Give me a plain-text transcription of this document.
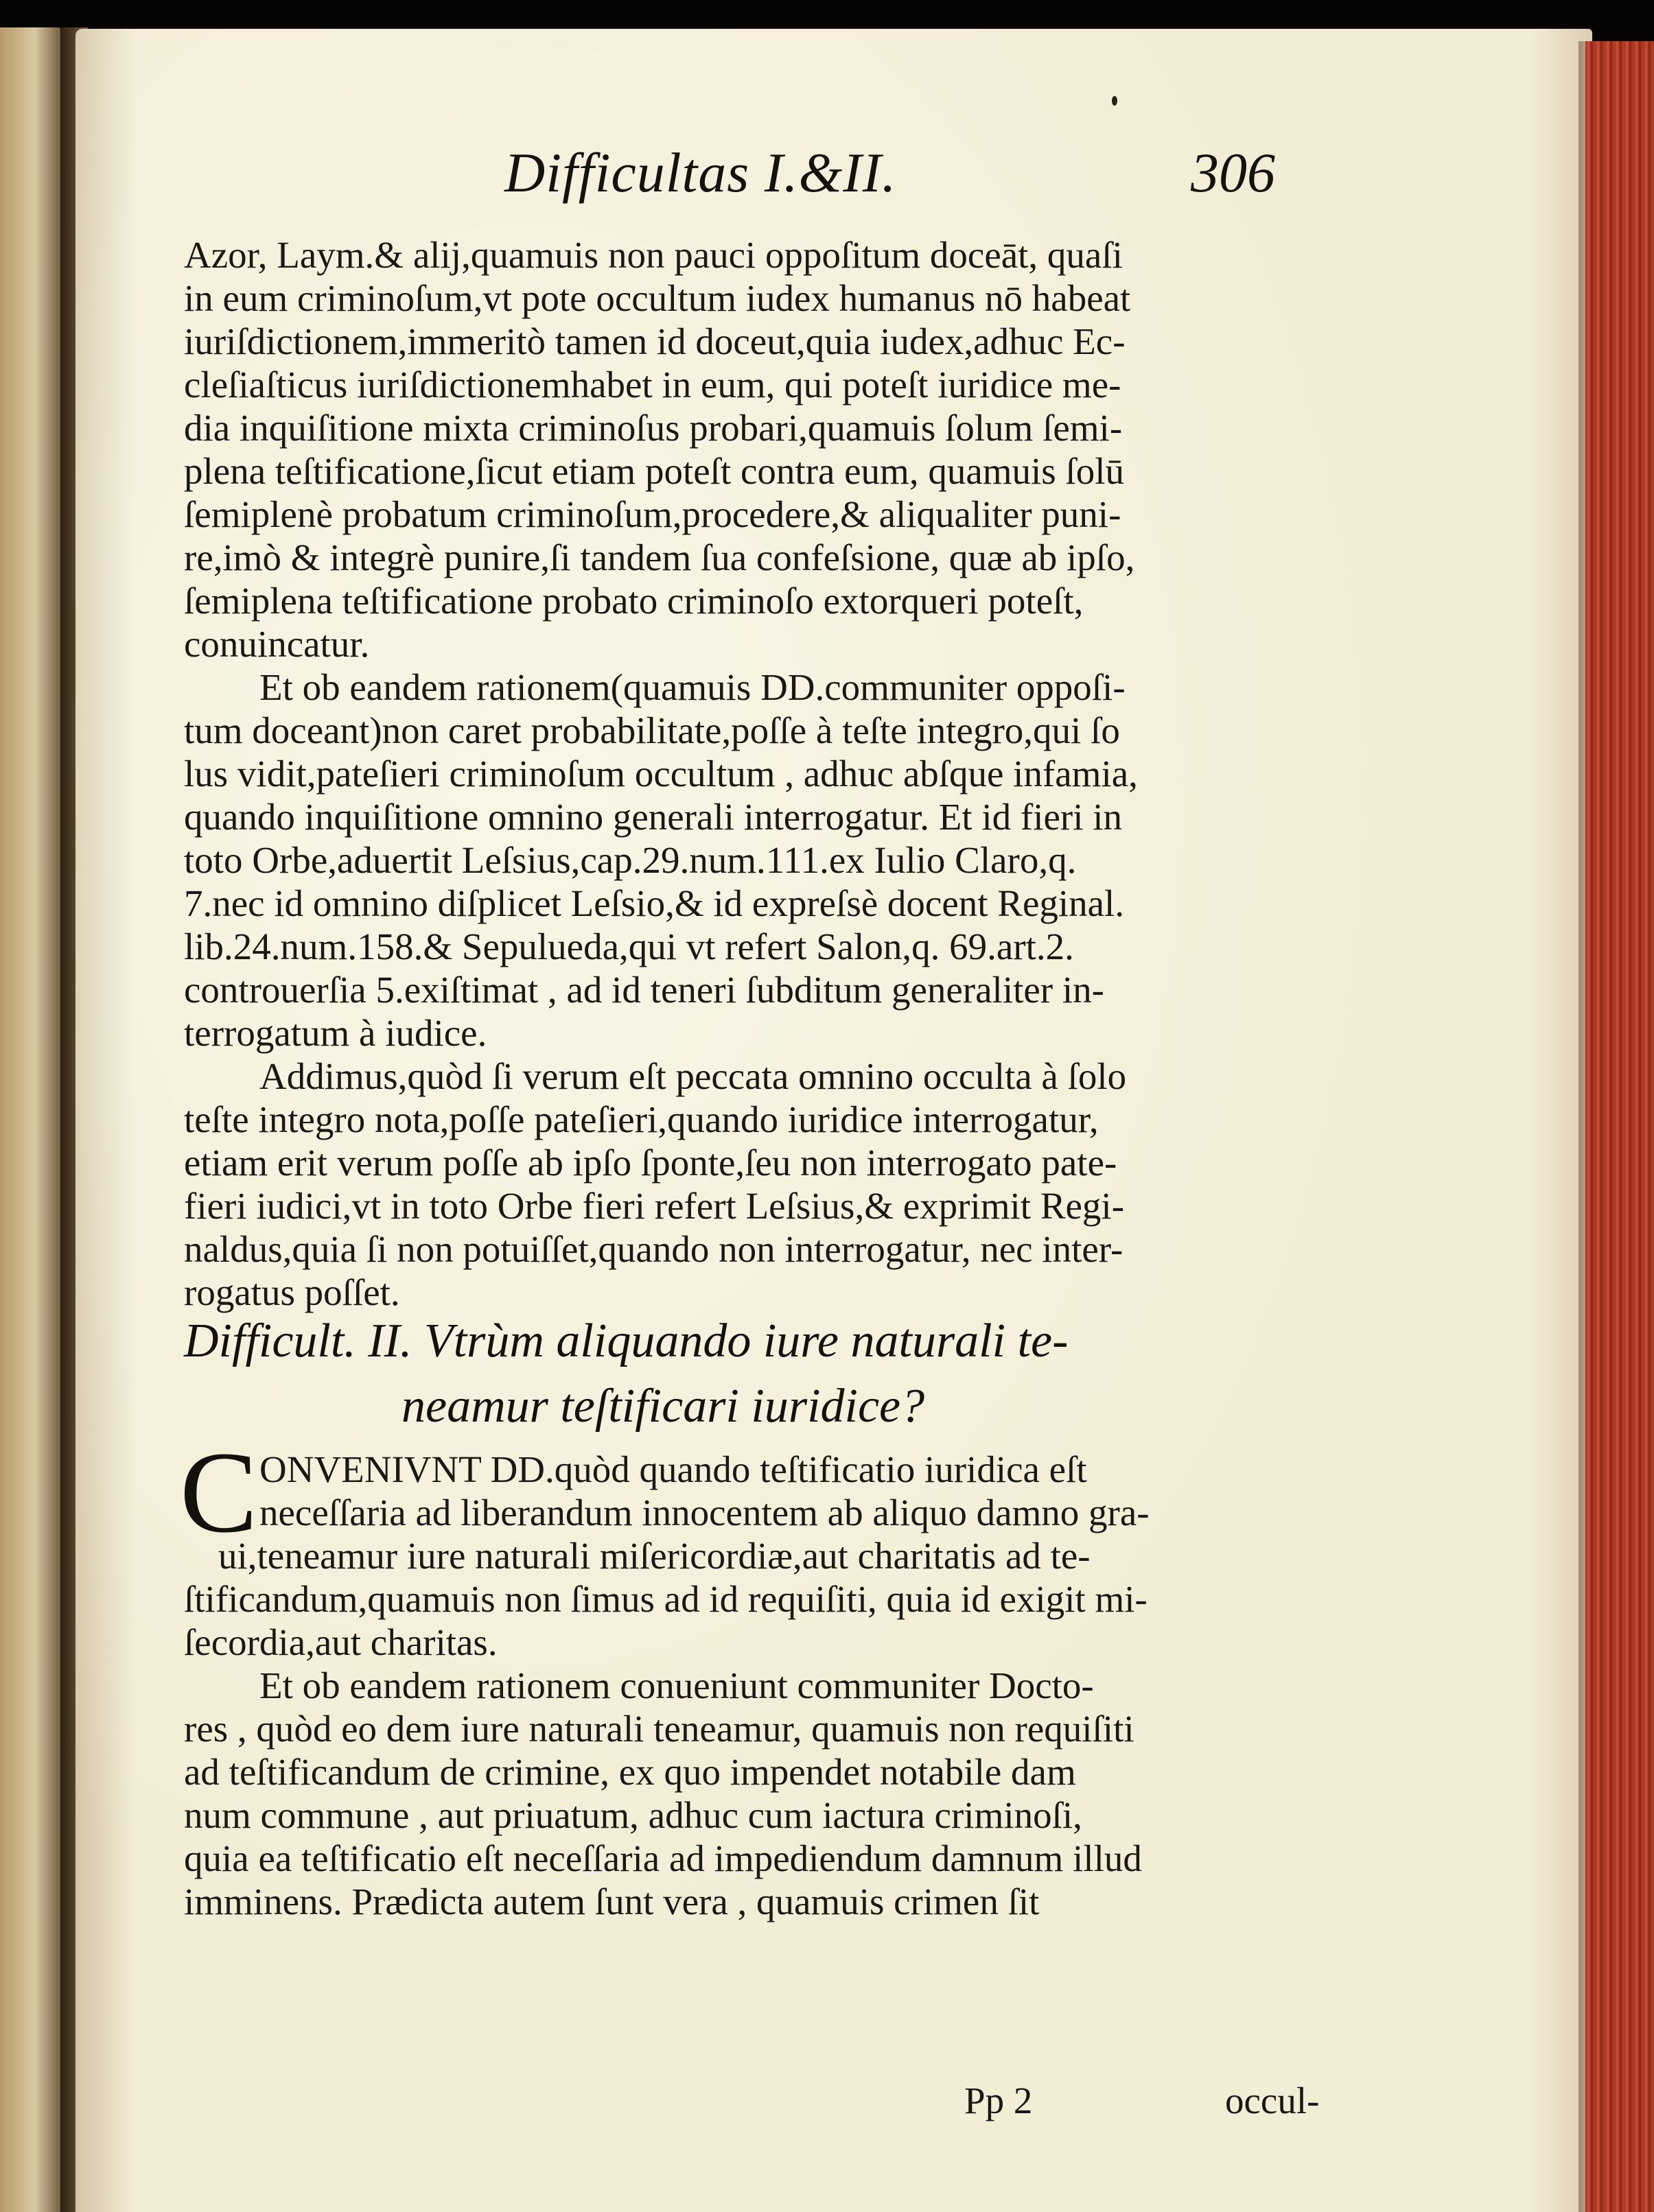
Difficultas I.&II.	306
Azor, Laym.& alij,quamuis non pauci oppoſitum doceāt, quaſi
in eum criminoſum,vt pote occultum iudex humanus nō habeat
iuriſdictionem,immeritò tamen id doceut,quia iudex,adhuc Ec-
cleſiaſticus iuriſdictionemhabet in eum, qui poteſt iuridice me-
dia inquiſitione mixta criminoſus probari,quamuis ſolum ſemi-
plena teſtificatione,ſicut etiam poteſt contra eum, quamuis ſolū
ſemiplenè probatum criminoſum,procedere,& aliqualiter puni-
re,imò & integrè punire,ſi tandem ſua confeſsione, quæ ab ipſo,
ſemiplena teſtificatione probato criminoſo extorqueri poteſt,
conuincatur.
Et ob eandem rationem(quamuis DD.communiter oppoſi-
tum doceant)non caret probabilitate,poſſe à teſte integro,qui ſo
lus vidit,pateſieri criminoſum occultum , adhuc abſque infamia,
quando inquiſitione omnino generali interrogatur. Et id fieri in
toto Orbe,aduertit Leſsius,cap.29.num.111.ex Iulio Claro,q.
7.nec id omnino diſplicet Leſsio,& id expreſsè docent Reginal.
lib.24.num.158.& Sepulueda,qui vt refert Salon,q. 69.art.2.
controuerſia 5.exiſtimat , ad id teneri ſubditum generaliter in-
terrogatum à iudice.
Addimus,quòd ſi verum eſt peccata omnino occulta à ſolo
teſte integro nota,poſſe pateſieri,quando iuridice interrogatur,
etiam erit verum poſſe ab ipſo ſponte,ſeu non interrogato pate-
fieri iudici,vt in toto Orbe fieri refert Leſsius,& exprimit Regi-
naldus,quia ſi non potuiſſet,quando non interrogatur, nec inter-
rogatus poſſet.
Difficult. II. Vtrùm aliquando iure naturali te-
neamur teſtificari iuridice?
C ONVENIVNT DD.quòd quando teſtificatio iuridica eſt
neceſſaria ad liberandum innocentem ab aliquo damno gra-
ui,teneamur iure naturali miſericordiæ,aut charitatis ad te-
ſtificandum,quamuis non ſimus ad id requiſiti, quia id exigit mi-
ſecordia,aut charitas.
Et ob eandem rationem conueniunt communiter Docto-
res , quòd eo dem iure naturali teneamur, quamuis non requiſiti
ad teſtificandum de crimine, ex quo impendet notabile dam
num commune , aut priuatum, adhuc cum iactura criminoſi,
quia ea teſtificatio eſt neceſſaria ad impediendum damnum illud
imminens. Prædicta autem ſunt vera , quamuis crimen ſit
Pp 2	occul-
